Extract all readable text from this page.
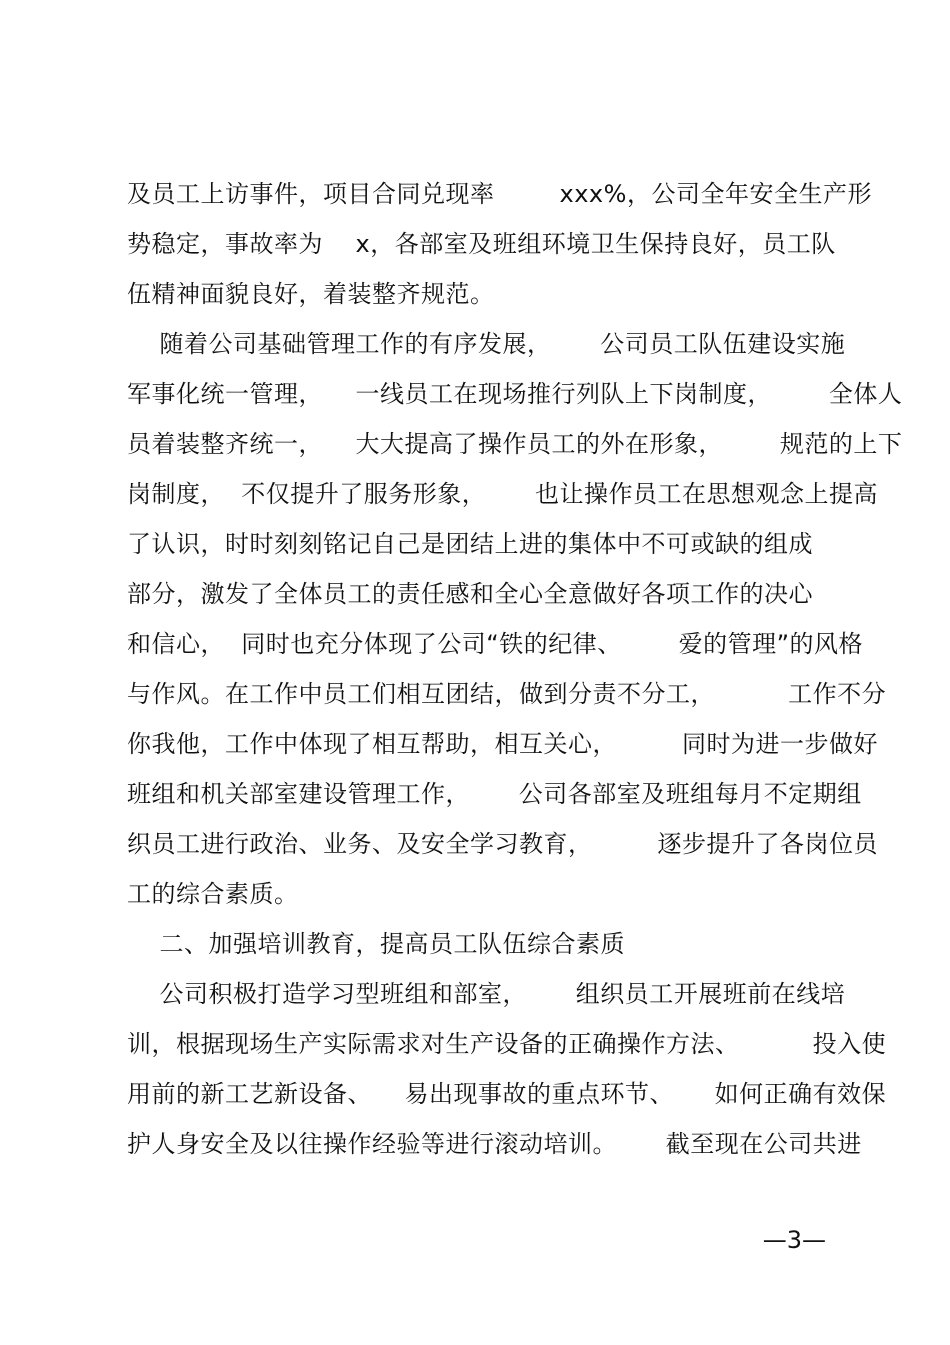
及员工上访事件，项目合同兑现率        xxx%，公司全年安全生产形
势稳定，事故率为    x，各部室及班组环境卫生保持良好，员工队
伍精神面貌良好，着装整齐规范。
随着公司基础管理工作的有序发展，      公司员工队伍建设实施
军事化统一管理，    一线员工在现场推行列队上下岗制度，       全体人
员着装整齐统一，    大大提高了操作员工的外在形象，       规范的上下
岗制度，  不仅提升了服务形象，      也让操作员工在思想观念上提高
了认识，时时刻刻铭记自己是团结上进的集体中不可或缺的组成
部分，激发了全体员工的责任感和全心全意做好各项工作的决心
和信心，  同时也充分体现了公司“铁的纪律、       爱的管理”的风格
与作风。在工作中员工们相互团结，做到分责不分工，         工作不分
你我他，工作中体现了相互帮助，相互关心，        同时为进一步做好
班组和机关部室建设管理工作，      公司各部室及班组每月不定期组
织员工进行政治、业务、及安全学习教育，        逐步提升了各岗位员
工的综合素质。
二、加强培训教育，提高员工队伍综合素质
公司积极打造学习型班组和部室，      组织员工开展班前在线培
训，根据现场生产实际需求对生产设备的正确操作方法、         投入使
用前的新工艺新设备、    易出现事故的重点环节、     如何正确有效保
护人身安全及以往操作经验等进行滚动培训。      截至现在公司共进
—3—
